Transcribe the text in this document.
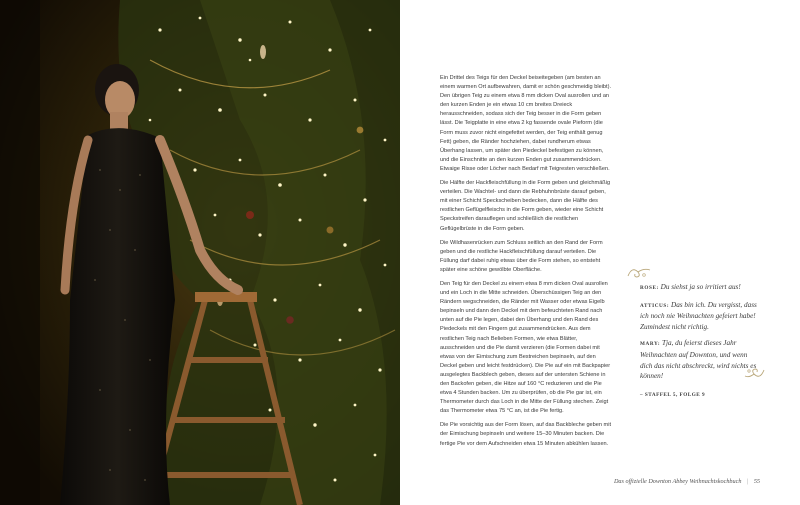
Ein Drittel des Teigs für den Deckel beiseitegeben (am besten an einem warmen Ort aufbewahren, damit er schön geschmeidig bleibt). Den übrigen Teig zu einem etwa 8 mm dicken Oval ausrollen und an den kurzen Enden je ein etwas 10 cm breites Dreieck herausschneiden, sodass sich der Teig besser in die Form geben lässt. Die Teigplatte in eine etwa 2 kg fassende ovale Pieform (die Form muss zuvor nicht eingefettet werden, der Teig enthält genug Fett) geben, die Ränder hochziehen, dabei rundherum etwas Überhang lassen, um später den Piedeckel befestigen zu können, und die Einschnitte an den kurzen Enden gut zusammendrücken. Etwaige Risse oder Löcher nach Bedarf mit Teigresten verschließen.

Die Hälfte der Hackfleischfüllung in die Form geben und gleichmäßig verteilen. Die Wachtel- und dann die Rebhuhnbrüste darauf geben, mit einer Schicht Speckscheiben bedecken, dann die Hälfte des restlichen Geflügelfleischs in die Form geben, wieder eine Schicht Speckstreifen darauflegen und schließlich die restlichen Geflügelbrüste in die Form geben.

Die Wildhasenrücken zum Schluss seitlich an den Rand der Form geben und die restliche Hackfleischfüllung darauf verteilen. Die Füllung darf dabei ruhig etwas über die Form stehen, so entsteht später eine schöne gewölbte Oberfläche.

Den Teig für den Deckel zu einem etwa 8 mm dicken Oval ausrollen und ein Loch in die Mitte schneiden. Überschüssigen Teig an den Rändern wegschneiden, die Ränder mit Wasser oder etwas Eigelb bepinseln und dann den Deckel mit dem befeuchteten Rand nach unten auf die Pie legen, dabei den Überhang und den Rand des Piedeckels mit den Fingern gut zusammendrücken. Aus dem restlichen Teig nach Belieben Formen, wie etwa Blätter, ausschneiden und die Pie damit verzieren (die Formen dabei mit etwas von der Eimischung zum Bestreichen bepinseln, auf den Deckel geben und leicht festdrücken). Die Pie auf ein mit Backpapier ausgelegtes Backblech geben, dieses auf der untersten Schiene in den Backofen geben, die Hitze auf 160 °C reduzieren und die Pie etwa 4 Stunden backen. Um zu überprüfen, ob die Pie gar ist, ein Thermometer durch das Loch in die Mitte der Füllung stechen. Zeigt das Thermometer etwa 75 °C an, ist die Pie fertig.

Die Pie vorsichtig aus der Form lösen, auf das Backbleche geben mit der Eimischung bepinseln und weitere 15–30 Minuten backen. Die fertige Pie vor dem Aufschneiden etwa 15 Minuten abkühlen lassen.

ROSE: Du siehst ja so irritiert aus!
ATTICUS: Das bin ich. Du vergisst, dass ich noch nie Weihnachten gefeiert habe! Zumindest nicht richtig.
MARY: Tja, du feierst dieses Jahr Weihnachten auf Downton, und wenn dich das nicht abschreckt, wird nichts es können!
– STAFFEL 5, FOLGE 9
Das offizielle Downton Abbey Weihnachtskochbuch | 55
